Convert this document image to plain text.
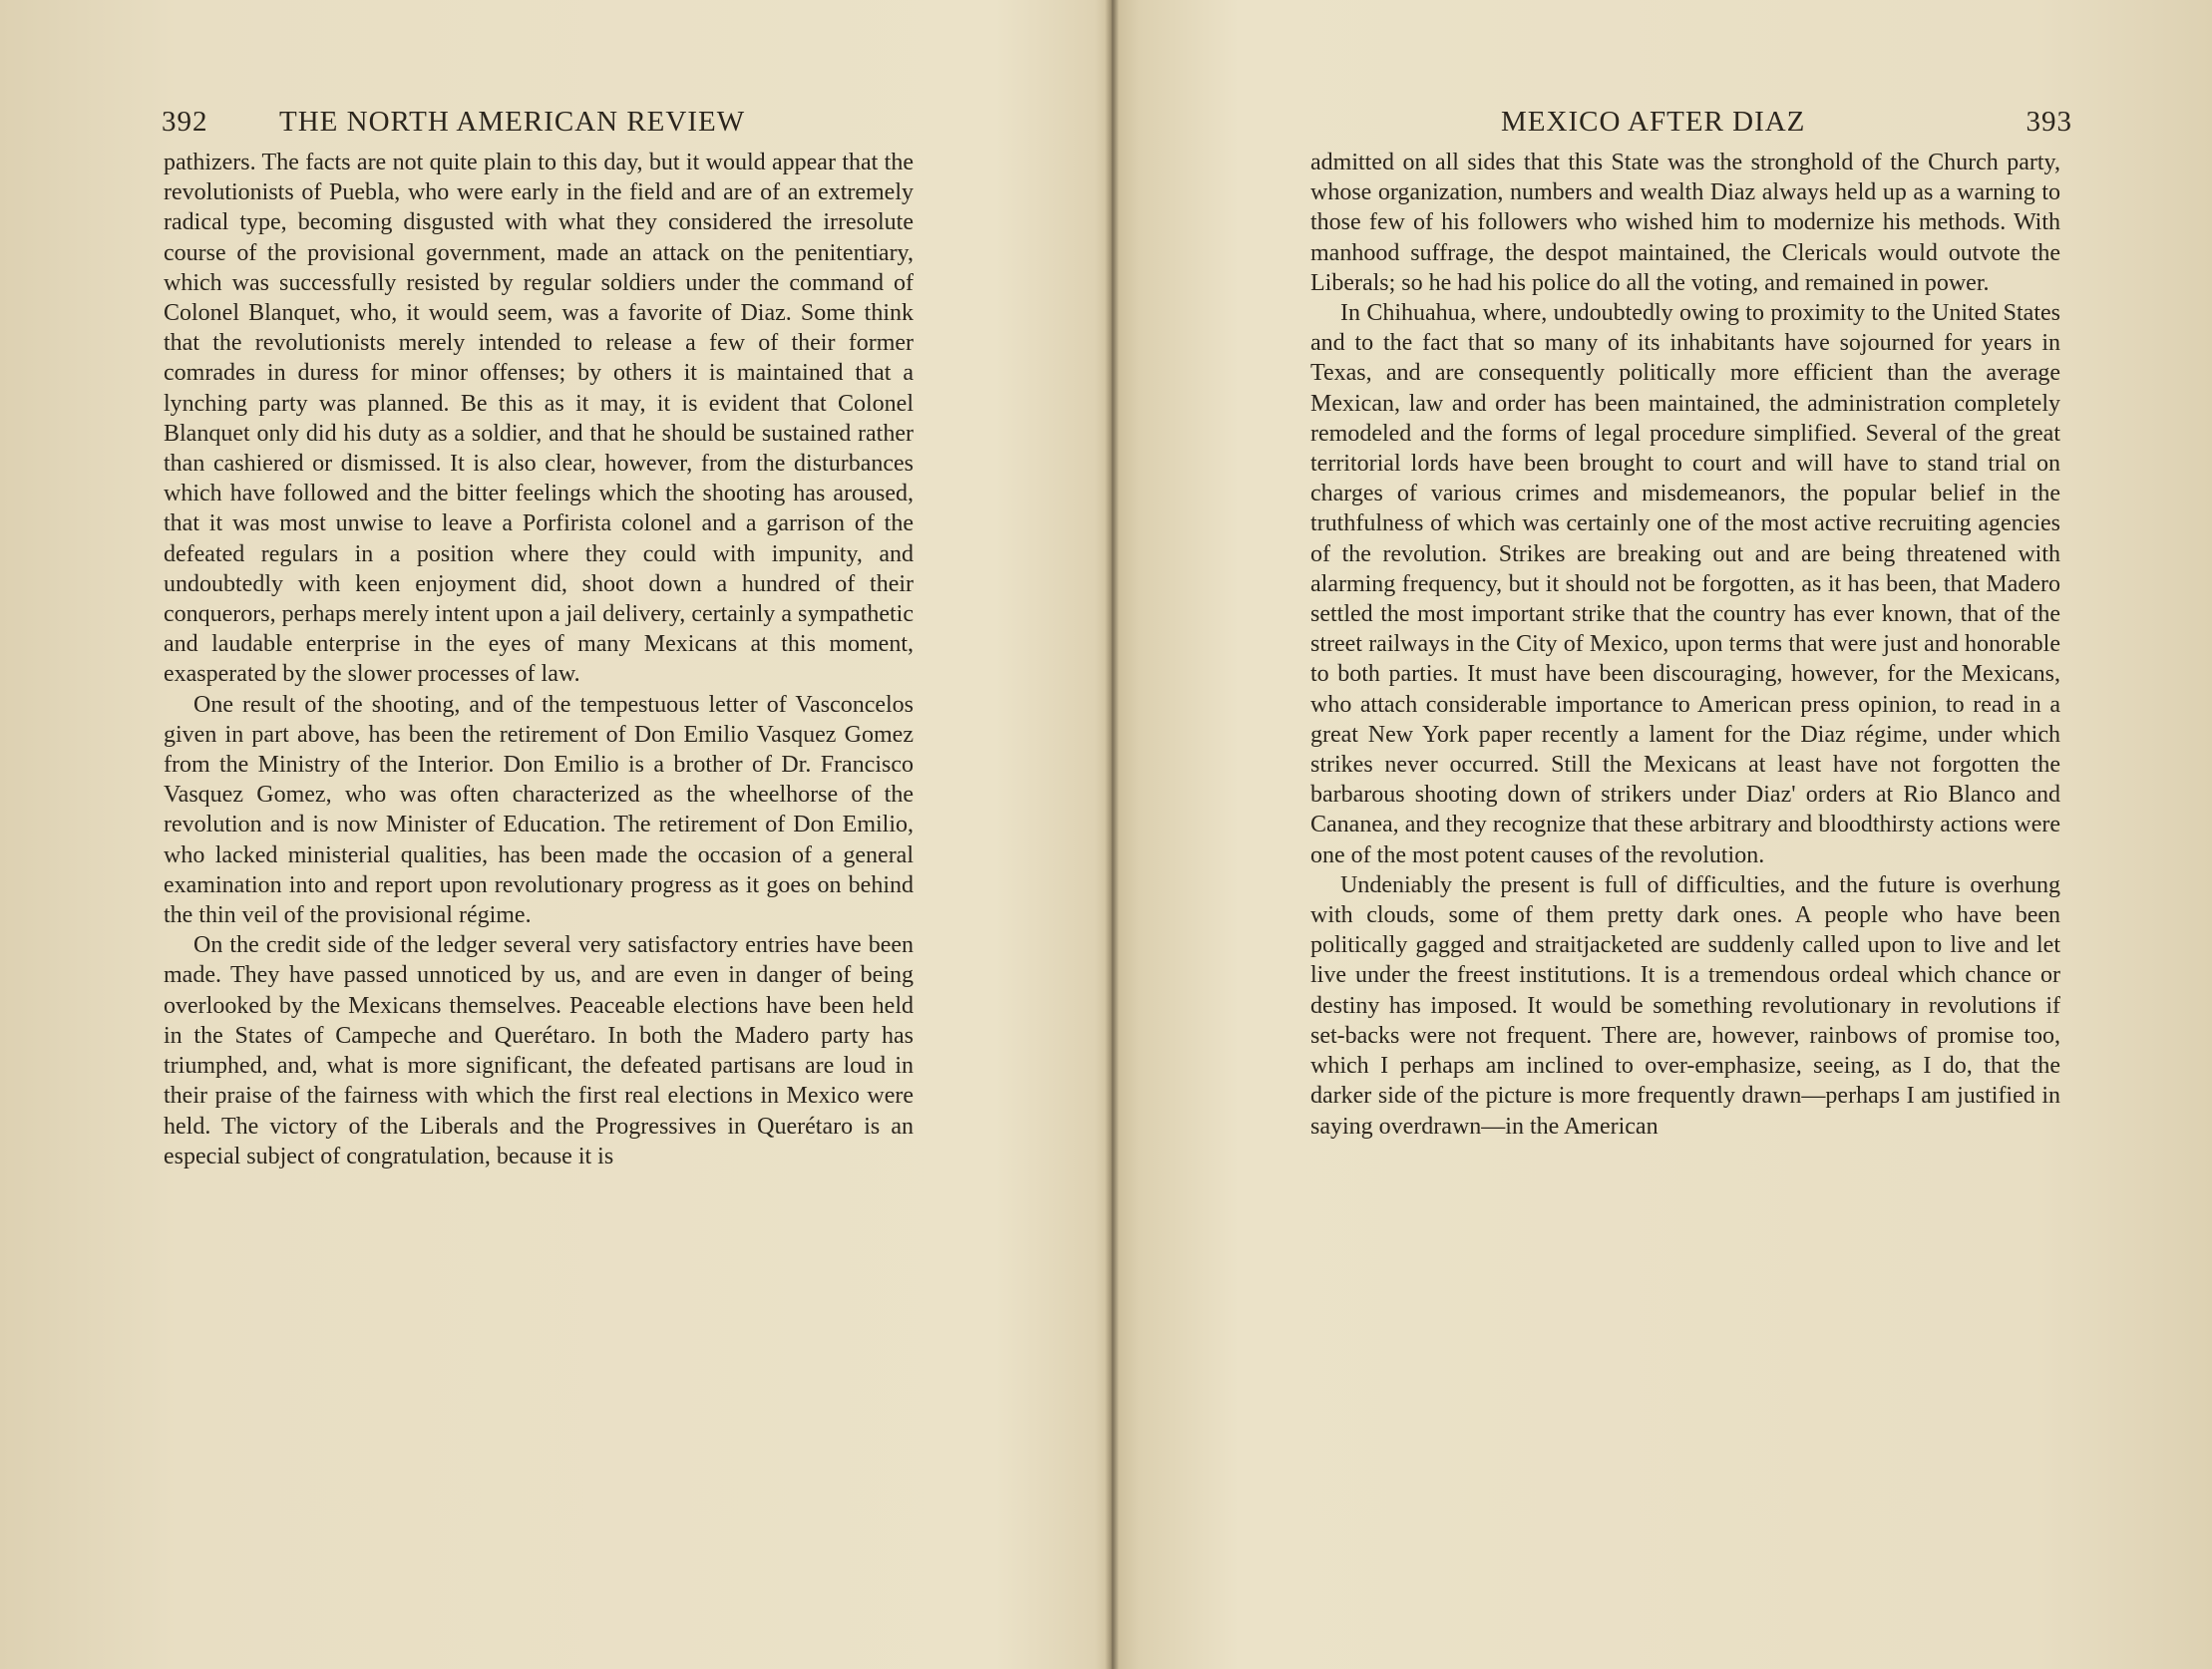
392 THE NORTH AMERICAN REVIEW

pathizers. The facts are not quite plain to this day, but it would appear that the revolutionists of Puebla, who were early in the field and are of an extremely radical type, becoming disgusted with what they considered the irresolute course of the provisional government, made an attack on the penitentiary, which was successfully resisted by regular soldiers under the command of Colonel Blanquet, who, it would seem, was a favorite of Diaz. Some think that the revolutionists merely intended to release a few of their former comrades in duress for minor offenses; by others it is maintained that a lynching party was planned. Be this as it may, it is evident that Colonel Blanquet only did his duty as a soldier, and that he should be sustained rather than cashiered or dismissed. It is also clear, however, from the disturbances which have followed and the bitter feelings which the shooting has aroused, that it was most unwise to leave a Porfirista colonel and a garrison of the defeated regulars in a position where they could with impunity, and undoubtedly with keen enjoyment did, shoot down a hundred of their conquerors, perhaps merely intent upon a jail delivery, certainly a sympathetic and laudable enterprise in the eyes of many Mexicans at this moment, exasperated by the slower processes of law.

One result of the shooting, and of the tempestuous letter of Vasconcelos given in part above, has been the retirement of Don Emilio Vasquez Gomez from the Ministry of the Interior. Don Emilio is a brother of Dr. Francisco Vasquez Gomez, who was often characterized as the wheelhorse of the revolution and is now Minister of Education. The retirement of Don Emilio, who lacked ministerial qualities, has been made the occasion of a general examination into and report upon revolutionary progress as it goes on behind the thin veil of the provisional régime.

On the credit side of the ledger several very satisfactory entries have been made. They have passed unnoticed by us, and are even in danger of being overlooked by the Mexicans themselves. Peaceable elections have been held in the States of Campeche and Querétaro. In both the Madero party has triumphed, and, what is more significant, the defeated partisans are loud in their praise of the fairness with which the first real elections in Mexico were held. The victory of the Liberals and the Progressives in Querétaro is an especial subject of congratulation, because it is

MEXICO AFTER DIAZ	393

admitted on all sides that this State was the stronghold of the Church party, whose organization, numbers and wealth Diaz always held up as a warning to those few of his followers who wished him to modernize his methods. With manhood suffrage, the despot maintained, the Clericals would outvote the Liberals; so he had his police do all the voting, and remained in power.

In Chihuahua, where, undoubtedly owing to proximity to the United States and to the fact that so many of its inhabitants have sojourned for years in Texas, and are consequently politically more efficient than the average Mexican, law and order has been maintained, the administration completely remodeled and the forms of legal procedure simplified. Several of the great territorial lords have been brought to court and will have to stand trial on charges of various crimes and misdemeanors, the popular belief in the truthfulness of which was certainly one of the most active recruiting agencies of the revolution. Strikes are breaking out and are being threatened with alarming frequency, but it should not be forgotten, as it has been, that Madero settled the most important strike that the country has ever known, that of the street railways in the City of Mexico, upon terms that were just and honorable to both parties. It must have been discouraging, however, for the Mexicans, who attach considerable importance to American press opinion, to read in a great New York paper recently a lament for the Diaz régime, under which strikes never occurred. Still the Mexicans at least have not forgotten the barbarous shooting down of strikers under Diaz' orders at Rio Blanco and Cananea, and they recognize that these arbitrary and bloodthirsty actions were one of the most potent causes of the revolution.

Undeniably the present is full of difficulties, and the future is overhung with clouds, some of them pretty dark ones. A people who have been politically gagged and straitjacketed are suddenly called upon to live and let live under the freest institutions. It is a tremendous ordeal which chance or destiny has imposed. It would be something revolutionary in revolutions if set-backs were not frequent. There are, however, rainbows of promise too, which I perhaps am inclined to over-emphasize, seeing, as I do, that the darker side of the picture is more frequently drawn—perhaps I am justified in saying overdrawn—in the American
